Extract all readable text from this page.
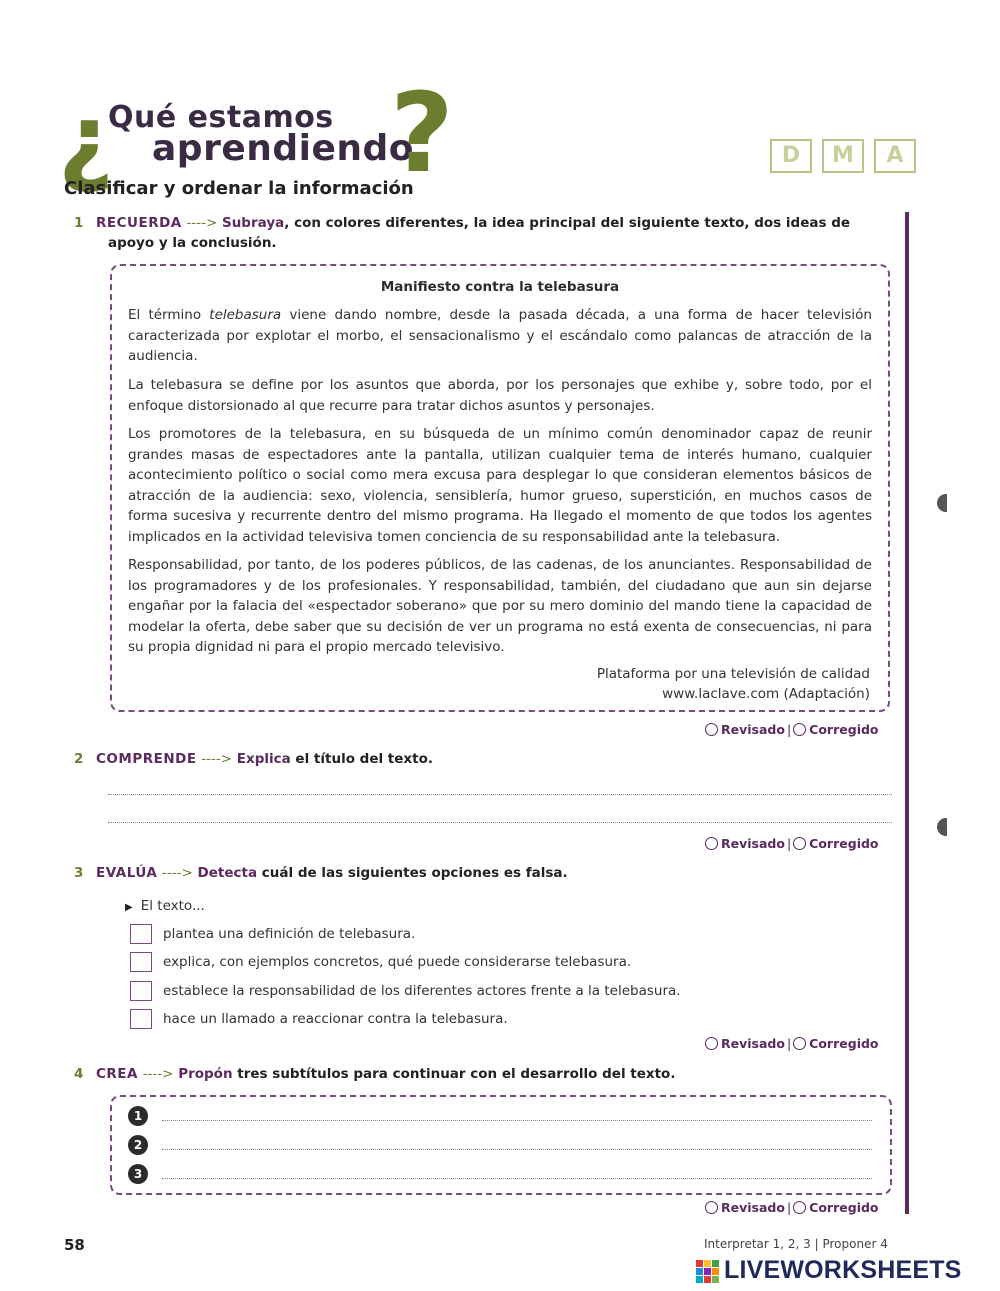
¿
Qué estamos
aprendiendo
?	D	M	A
Clasificar y ordenar la información
1 RECUERDA ----> Subraya, con colores diferentes, la idea principal del siguiente texto, dos ideas de
apoyo y la conclusión.
Manifiesto contra la telebasura
El término telebasura viene dando nombre, desde la pasada década, a una forma de hacer televisión caracterizada por explotar el morbo, el sensacionalismo y el escándalo como palancas de atracción de la audiencia.
La telebasura se define por los asuntos que aborda, por los personajes que exhibe y, sobre todo, por el enfoque distorsionado al que recurre para tratar dichos asuntos y personajes.
Los promotores de la telebasura, en su búsqueda de un mínimo común denominador capaz de reunir grandes masas de espectadores ante la pantalla, utilizan cualquier tema de interés humano, cualquier acontecimiento político o social como mera excusa para desplegar lo que consideran elementos básicos de atracción de la audiencia: sexo, violencia, sensiblería, humor grueso, superstición, en muchos casos de forma sucesiva y recurrente dentro del mismo programa. Ha llegado el momento de que todos los agentes implicados en la actividad televisiva tomen conciencia de su responsabilidad ante la telebasura.
Responsabilidad, por tanto, de los poderes públicos, de las cadenas, de los anunciantes. Responsabilidad de los programadores y de los profesionales. Y responsabilidad, también, del ciudadano que aun sin dejarse engañar por la falacia del «espectador soberano» que por su mero dominio del mando tiene la capacidad de modelar la oferta, debe saber que su decisión de ver un programa no está exenta de consecuencias, ni para su propia dignidad ni para el propio mercado televisivo.
Plataforma por una televisión de calidad
www.laclave.com (Adaptación)
Revisado | Corregido
2 COMPRENDE ----> Explica el título del texto.
Revisado | Corregido
3 EVALÚA ----> Detecta cuál de las siguientes opciones es falsa.
▶ El texto...
plantea una definición de telebasura.
explica, con ejemplos concretos, qué puede considerarse telebasura.
establece la responsabilidad de los diferentes actores frente a la telebasura.
hace un llamado a reaccionar contra la telebasura.
Revisado | Corregido
4 CREA ----> Propón tres subtítulos para continuar con el desarrollo del texto.
1
2
3
Revisado | Corregido
58	Interpretar 1, 2, 3 | Proponer 4
LIVEWORKSHEETS
